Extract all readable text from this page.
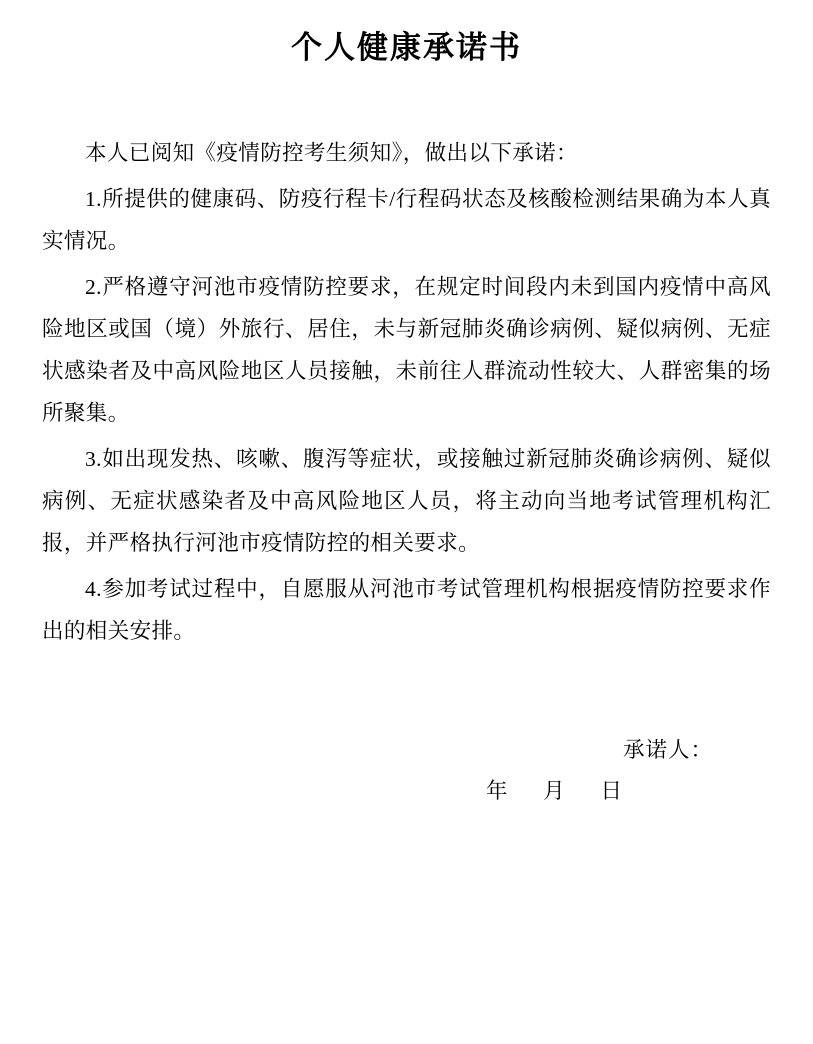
个人健康承诺书

本人已阅知《疫情防控考生须知》，做出以下承诺：

1.所提供的健康码、防疫行程卡/行程码状态及核酸检测结果确为本人真实情况。

2.严格遵守河池市疫情防控要求，在规定时间段内未到国内疫情中高风险地区或国（境）外旅行、居住，未与新冠肺炎确诊病例、疑似病例、无症状感染者及中高风险地区人员接触，未前往人群流动性较大、人群密集的场所聚集。

3.如出现发热、咳嗽、腹泻等症状，或接触过新冠肺炎确诊病例、疑似病例、无症状感染者及中高风险地区人员，将主动向当地考试管理机构汇报，并严格执行河池市疫情防控的相关要求。

4.参加考试过程中，自愿服从河池市考试管理机构根据疫情防控要求作出的相关安排。

承诺人：
年 月 日
